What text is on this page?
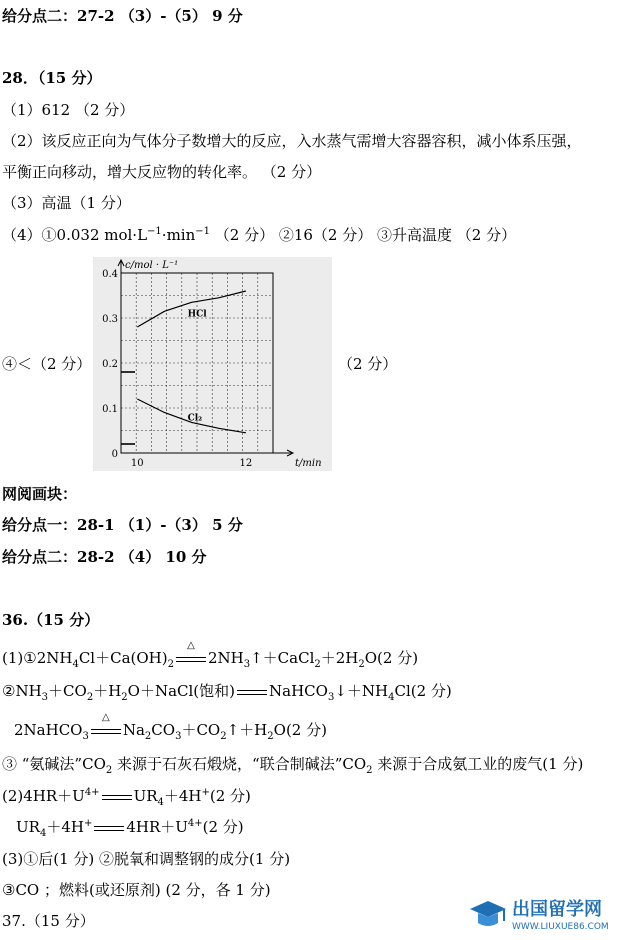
给分点二：27-2 （3）-（5） 9 分
28．（15 分）
（1）612 （2 分）
（2）该反应正向为气体分子数增大的反应，入水蒸气需增大容器容积，减小体系压强，
平衡正向移动，增大反应物的转化率。 （2 分）
（3）高温（1 分）
（4）①0.032 $mol\cdot L^{-1}\cdot\min^{-1}$ （2 分） ②16（2 分） ③升高温度 （2 分）
④＜（2 分）	（2 分）
0
0.1
0.2
0.3
0.4
10	12
HCl
Cl₂
c/mol · L⁻¹
t/min
网阅画块：
给分点一：28-1 （1）-（3） 5 分
给分点二：28-2 （4） 10 分
36.（15 分）
$(1)①2NH_4Cl+Ca(OH)_2$
△
$2NH_3↑+CaCl_2+2H_2O(2$ 分)
$②NH_3+CO_2+H_2O+NaCl$(饱和) $NaHCO_3↓+NH_4Cl(2$ 分)
2NaHCO$_3$
△
$Na_2CO_3+CO_2↑+H_2O(2$ 分)
③ “氨碱法$”CO_2$ 来源于石灰石煅烧，“联合制碱法$”CO_2$ 来源于合成氨工业的废气(1 分)
$(2)4HR+U^{4+}$ $UR_4+4H^+(2$ 分)
$UR_4+4H^+$ $4HR+U^{4+}(2$ 分)
(3)①后(1 分) ②脱氧和调整钢的成分(1 分)
③CO ；燃料(或还原剂) (2 分，各 1 分)
37.（15 分）
出国留学网
WWW.LIUXUE86.COM
